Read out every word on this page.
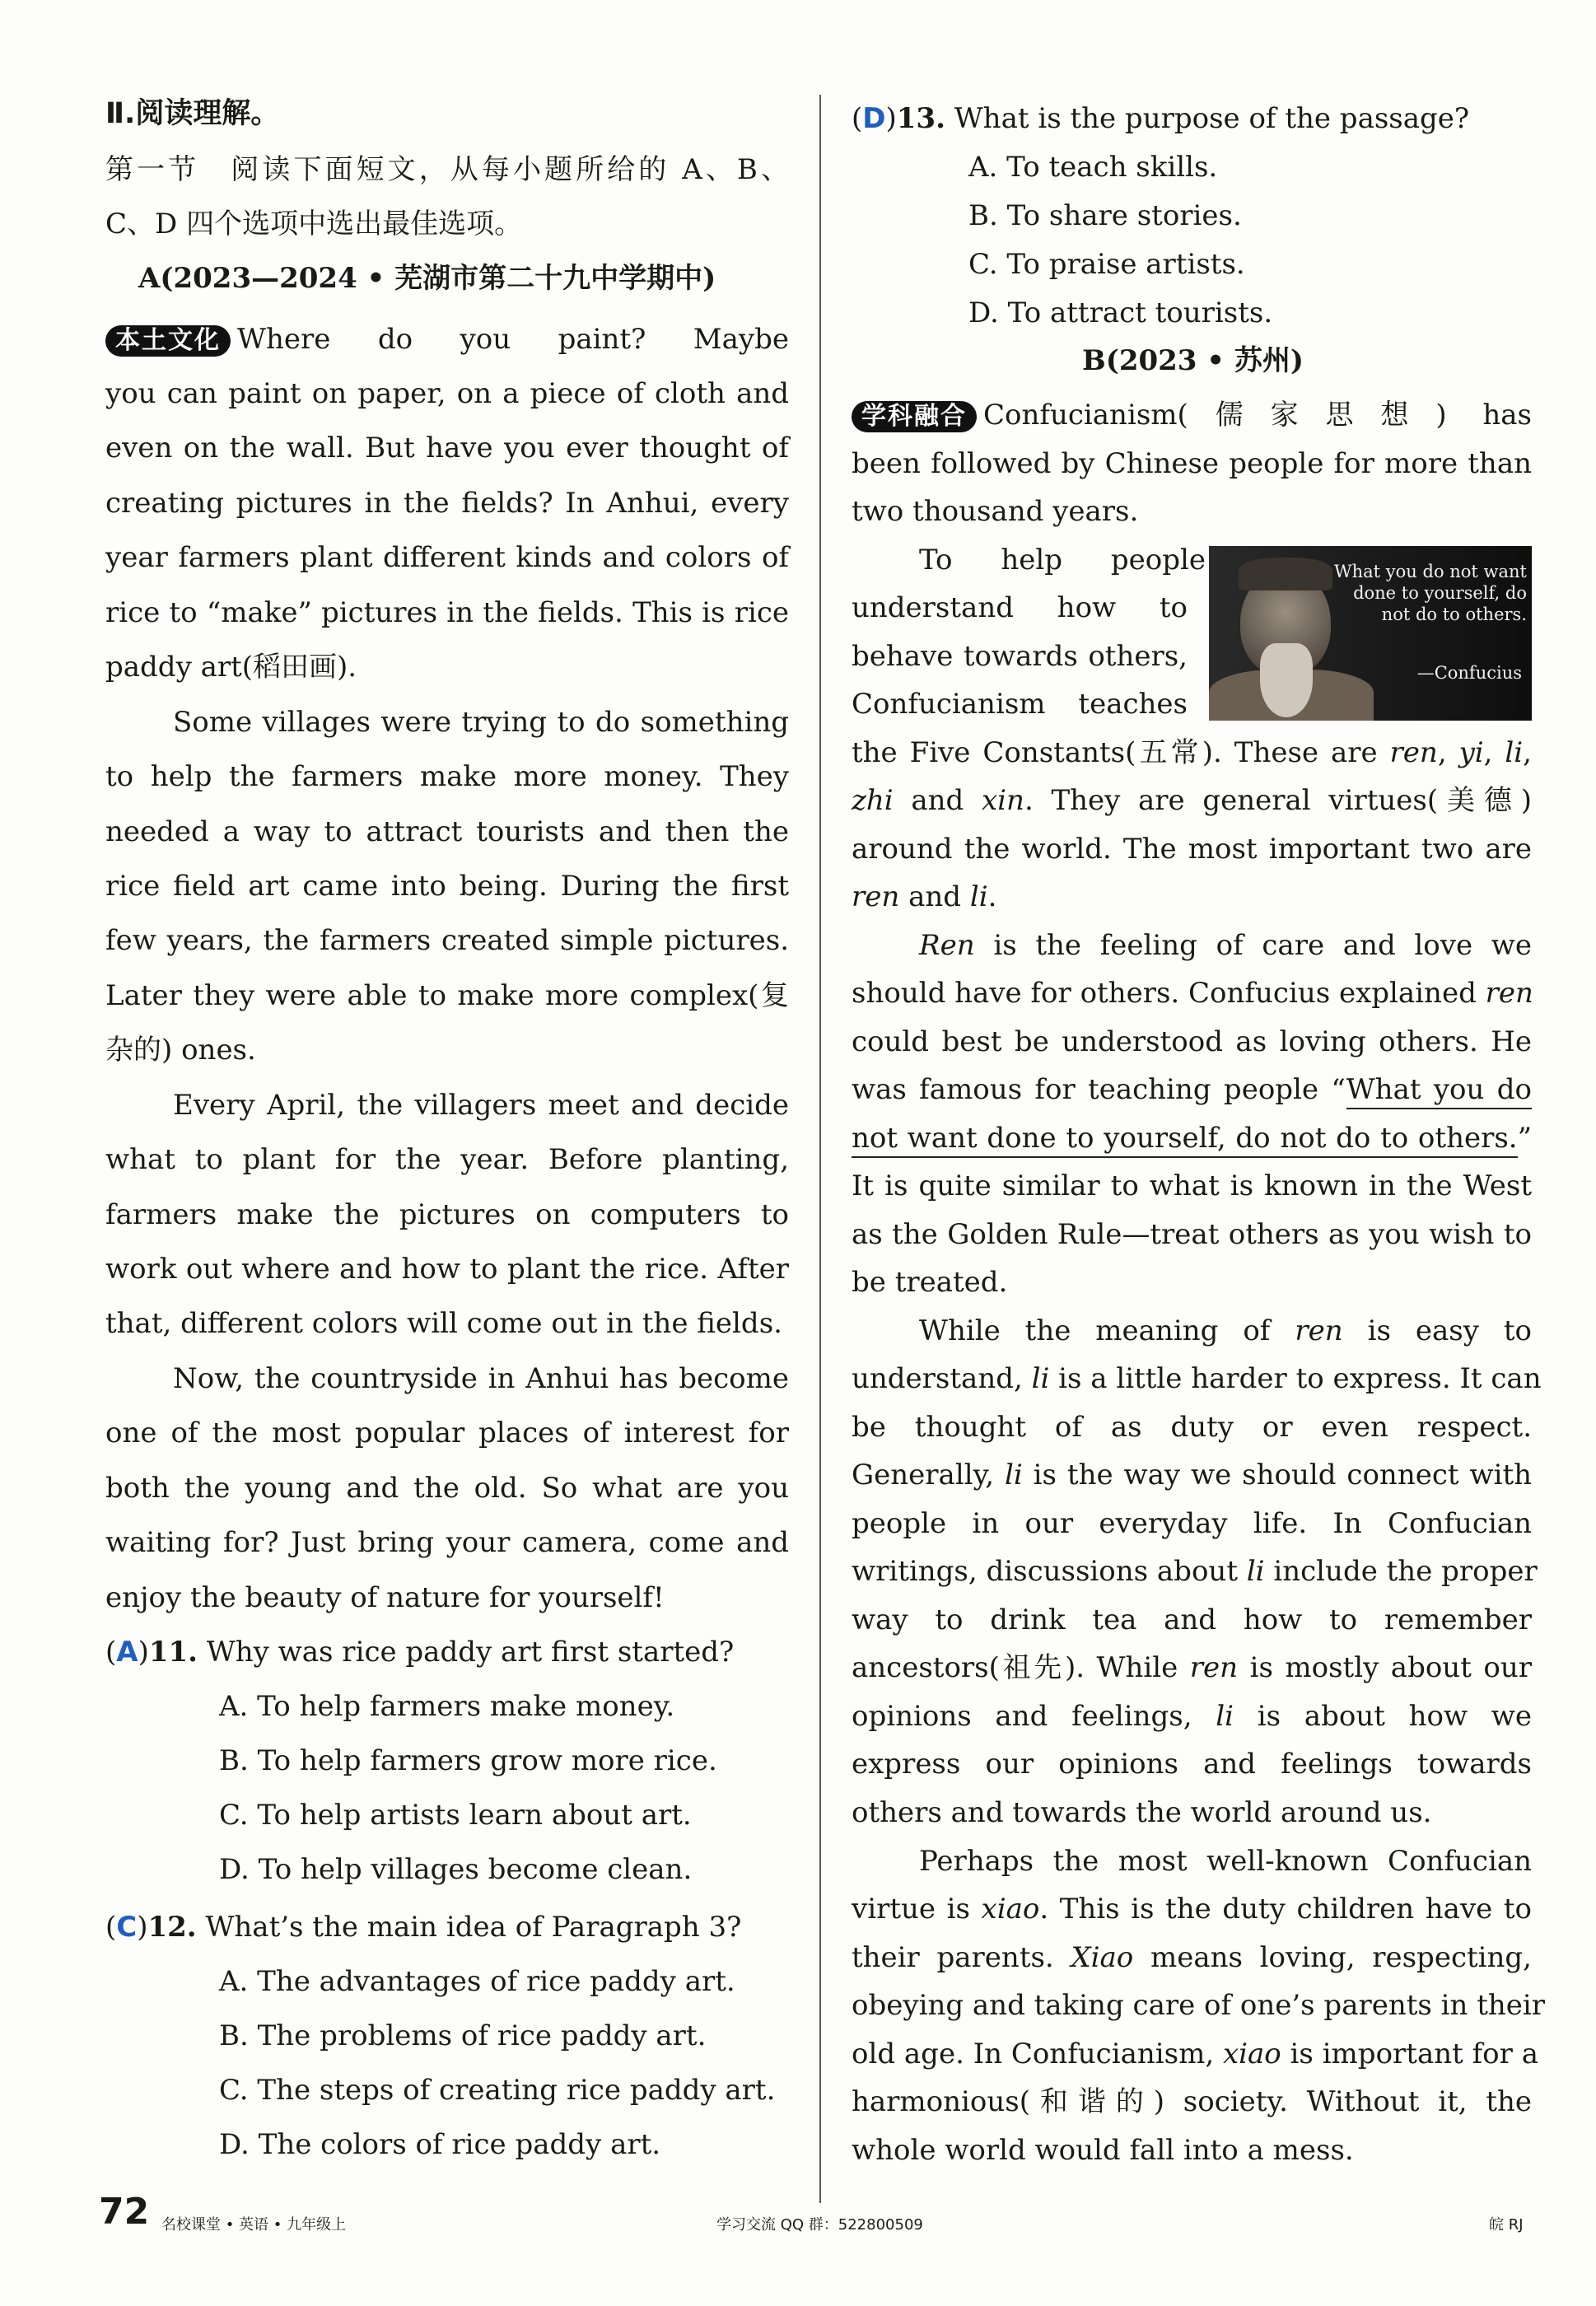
Ⅱ.阅读理解。
第一节　阅读下面短文，从每小题所给的 A、B、
C、D 四个选项中选出最佳选项。
A(2023—2024 • 芜湖市第二十九中学期中)
本土文化 Where do you paint? Maybe
you can paint on paper, on a piece of cloth and
even on the wall. But have you ever thought of
creating pictures in the fields? In Anhui, every
year farmers plant different kinds and colors of
rice to “make” pictures in the fields. This is rice
paddy art(稻田画).
Some villages were trying to do something
to help the farmers make more money. They
needed a way to attract tourists and then the
rice field art came into being. During the first
few years, the farmers created simple pictures.
Later they were able to make more complex(复
杂的) ones.
Every April, the villagers meet and decide
what to plant for the year. Before planting,
farmers make the pictures on computers to
work out where and how to plant the rice. After
that, different colors will come out in the fields.
Now, the countryside in Anhui has become
one of the most popular places of interest for
both the young and the old. So what are you
waiting for? Just bring your camera, come and
enjoy the beauty of nature for yourself!
(A)11. Why was rice paddy art first started?
A. To help farmers make money.
B. To help farmers grow more rice.
C. To help artists learn about art.
D. To help villages become clean.
(C)12. What’s the main idea of Paragraph 3?
A. The advantages of rice paddy art.
B. The problems of rice paddy art.
C. The steps of creating rice paddy art.
D. The colors of rice paddy art.
(D)13. What is the purpose of the passage?
A. To teach skills.
B. To share stories.
C. To praise artists.
D. To attract tourists.
B(2023 • 苏州)
学科融合 Confucianism(儒家思想) has
been followed by Chinese people for more than
two thousand years.
To help people
understand how to
behave towards others,
Confucianism teaches
the Five Constants(五常). These are ren, yi, li,
zhi and xin. They are general virtues(美德)
around the world. The most important two are
ren and li.
Ren is the feeling of care and love we
should have for others. Confucius explained ren
could best be understood as loving others. He
was famous for teaching people “What you do
not want done to yourself, do not do to others.”
It is quite similar to what is known in the West
as the Golden Rule—treat others as you wish to
be treated.
While the meaning of ren is easy to
understand, li is a little harder to express. It can
be thought of as duty or even respect.
Generally, li is the way we should connect with
people in our everyday life. In Confucian
writings, discussions about li include the proper
way to drink tea and how to remember
ancestors(祖先). While ren is mostly about our
opinions and feelings, li is about how we
express our opinions and feelings towards
others and towards the world around us.
Perhaps the most well-known Confucian
virtue is xiao. This is the duty children have to
their parents. Xiao means loving, respecting,
obeying and taking care of one’s parents in their
old age. In Confucianism, xiao is important for a
harmonious(和谐的) society. Without it, the
whole world would fall into a mess.
What you do not want done to yourself, do not do to others.
—Confucius
72 名校课堂 • 英语 • 九年级上	学习交流 QQ 群：522800509	皖 RJ
